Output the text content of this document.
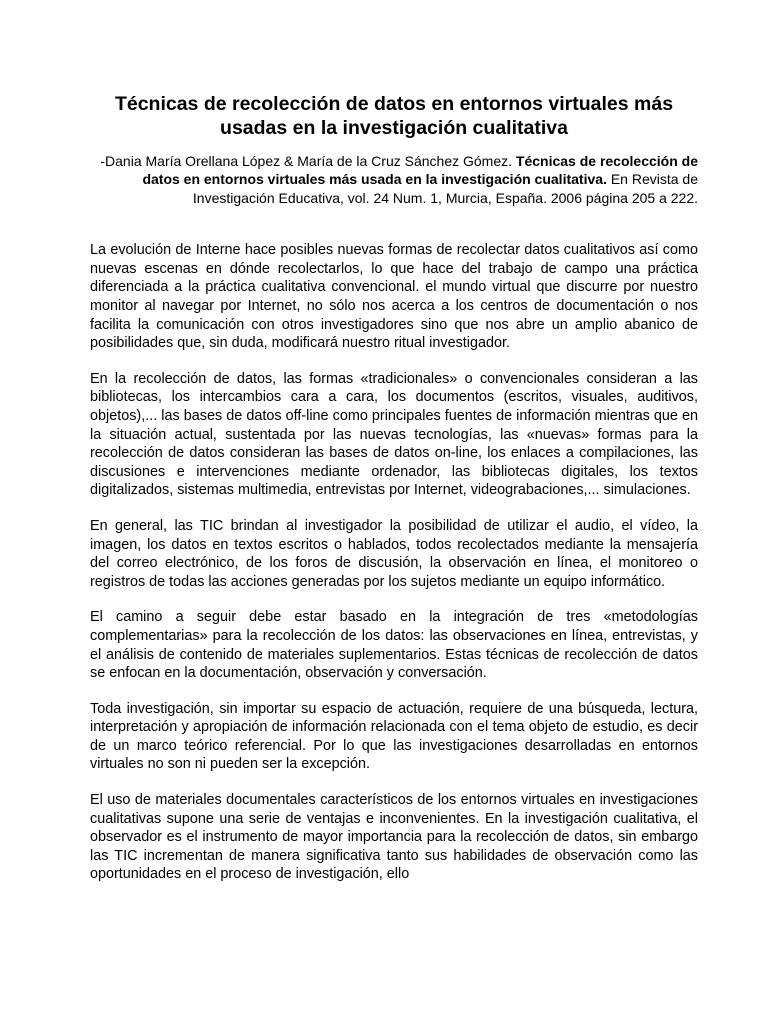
Técnicas de recolección de datos en entornos virtuales más
usadas en la investigación cualitativa

-Dania María Orellana López & María de la Cruz Sánchez Gómez. Técnicas de recolección de datos en entornos virtuales más usada en la investigación cualitativa. En Revista de Investigación Educativa, vol. 24 Num. 1, Murcia, España. 2006 página 205 a 222.

La evolución de Interne hace posibles nuevas formas de recolectar datos cualitativos así como nuevas escenas en dónde recolectarlos, lo que hace del trabajo de campo una práctica diferenciada a la práctica cualitativa convencional. el mundo virtual que discurre por nuestro monitor al navegar por Internet, no sólo nos acerca a los centros de documentación o nos facilita la comunicación con otros investigadores sino que nos abre un amplio abanico de posibilidades que, sin duda, modificará nuestro ritual investigador.

En la recolección de datos, las formas «tradicionales» o convencionales consideran a las bibliotecas, los intercambios cara a cara, los documentos (escritos, visuales, auditivos, objetos),... las bases de datos off-line como principales fuentes de información mientras que en la situación actual, sustentada por las nuevas tecnologías, las «nuevas» formas para la recolección de datos consideran las bases de datos on-line, los enlaces a compilaciones, las discusiones e intervenciones mediante ordenador, las bibliotecas digitales, los textos digitalizados, sistemas multimedia, entrevistas por Internet, videograbaciones,... simulaciones.

En general, las TIC brindan al investigador la posibilidad de utilizar el audio, el vídeo, la imagen, los datos en textos escritos o hablados, todos recolectados mediante la mensajería del correo electrónico, de los foros de discusión, la observación en línea, el monitoreo o registros de todas las acciones generadas por los sujetos mediante un equipo informático.

El camino a seguir debe estar basado en la integración de tres «metodologías complementarias» para la recolección de los datos: las observaciones en línea, entrevistas, y el análisis de contenido de materiales suplementarios. Estas técnicas de recolección de datos se enfocan en la documentación, observación y conversación.

Toda investigación, sin importar su espacio de actuación, requiere de una búsqueda, lectura, interpretación y apropiación de información relacionada con el tema objeto de estudio, es decir de un marco teórico referencial. Por lo que las investigaciones desarrolladas en entornos virtuales no son ni pueden ser la excepción.

El uso de materiales documentales característicos de los entornos virtuales en investigaciones cualitativas supone una serie de ventajas e inconvenientes. En la investigación cualitativa, el observador es el instrumento de mayor importancia para la recolección de datos, sin embargo las TIC incrementan de manera significativa tanto sus habilidades de observación como las oportunidades en el proceso de investigación, ello
